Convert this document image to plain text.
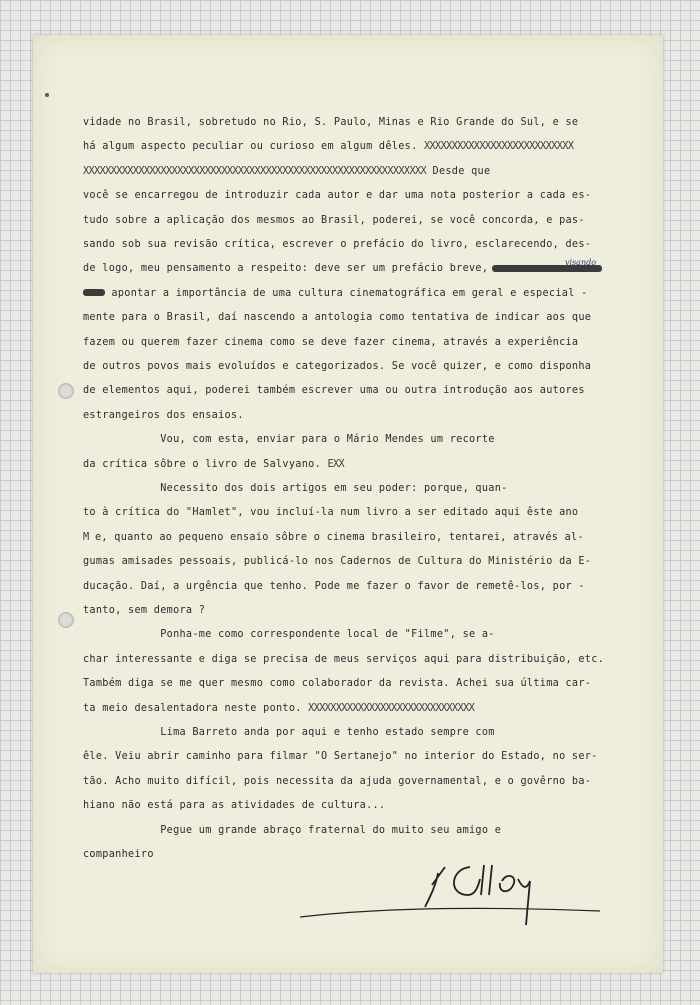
vidade no Brasil, sobretudo no Rio, S. Paulo, Minas e Rio Grande do Sul, e se
há algum aspecto peculiar ou curioso em algum dêles. XXXXXXXXXXXXXXXXXXXXXXXXXXX
XXXXXXXXXXXXXXXXXXXXXXXXXXXXXXXXXXXXXXXXXXXXXXXXXXXXXXXXXXXXXX Desde que
você se encarregou de introduzir cada autor e dar uma nota posterior a cada es-
tudo sobre a aplicação dos mesmos ao Brasil, poderei, se você concorda, e pas-
sando sob sua revisão crítica, escrever o prefácio do livro, esclarecendo, des-
de logo, meu pensamento a respeito: deve ser um prefácio breve,
apontar a importância de uma cultura cinematográfica em geral e especial -
mente para o Brasil, daí nascendo a antologia como tentativa de indicar aos que
fazem ou querem fazer cinema como se deve fazer cinema, através a experiência
de outros povos mais evoluídos e categorizados. Se você quizer, e como disponha
de elementos aqui, poderei também escrever uma ou outra introdução aos autores
estrangeiros dos ensaios.
Vou, com esta, enviar para o Mário Mendes um recorte
da crítica sôbre o livro de Salvyano. EXX
Necessito dos dois artigos em seu poder: porque, quan-
to à crítica do "Hamlet", vou incluí-la num livro a ser editado aqui êste ano
M e, quanto ao pequeno ensaio sôbre o cinema brasileiro, tentarei, através al-
gumas amisades pessoais, publicá-lo nos Cadernos de Cultura do Ministério da E-
ducação. Daí, a urgência que tenho. Pode me fazer o favor de remetê-los, por -
tanto, sem demora ?
Ponha-me como correspondente local de "Filme", se a-
char interessante e diga se precisa de meus serviços aqui para distribuição, etc.
Também diga se me quer mesmo como colaborador da revista. Achei sua última car-
ta meio desalentadora neste ponto. XXXXXXXXXXXXXXXXXXXXXXXXXXXXXX
Lima Barreto anda por aqui e tenho estado sempre com
êle. Veiu abrir caminho para filmar "O Sertanejo" no interior do Estado, no ser-
tão. Acho muito difícil, pois necessita da ajuda governamental, e o govêrno ba-
hiano não está para as atividades de cultura...
Pegue um grande abraço fraternal do muito seu amigo e
companheiro
visando
